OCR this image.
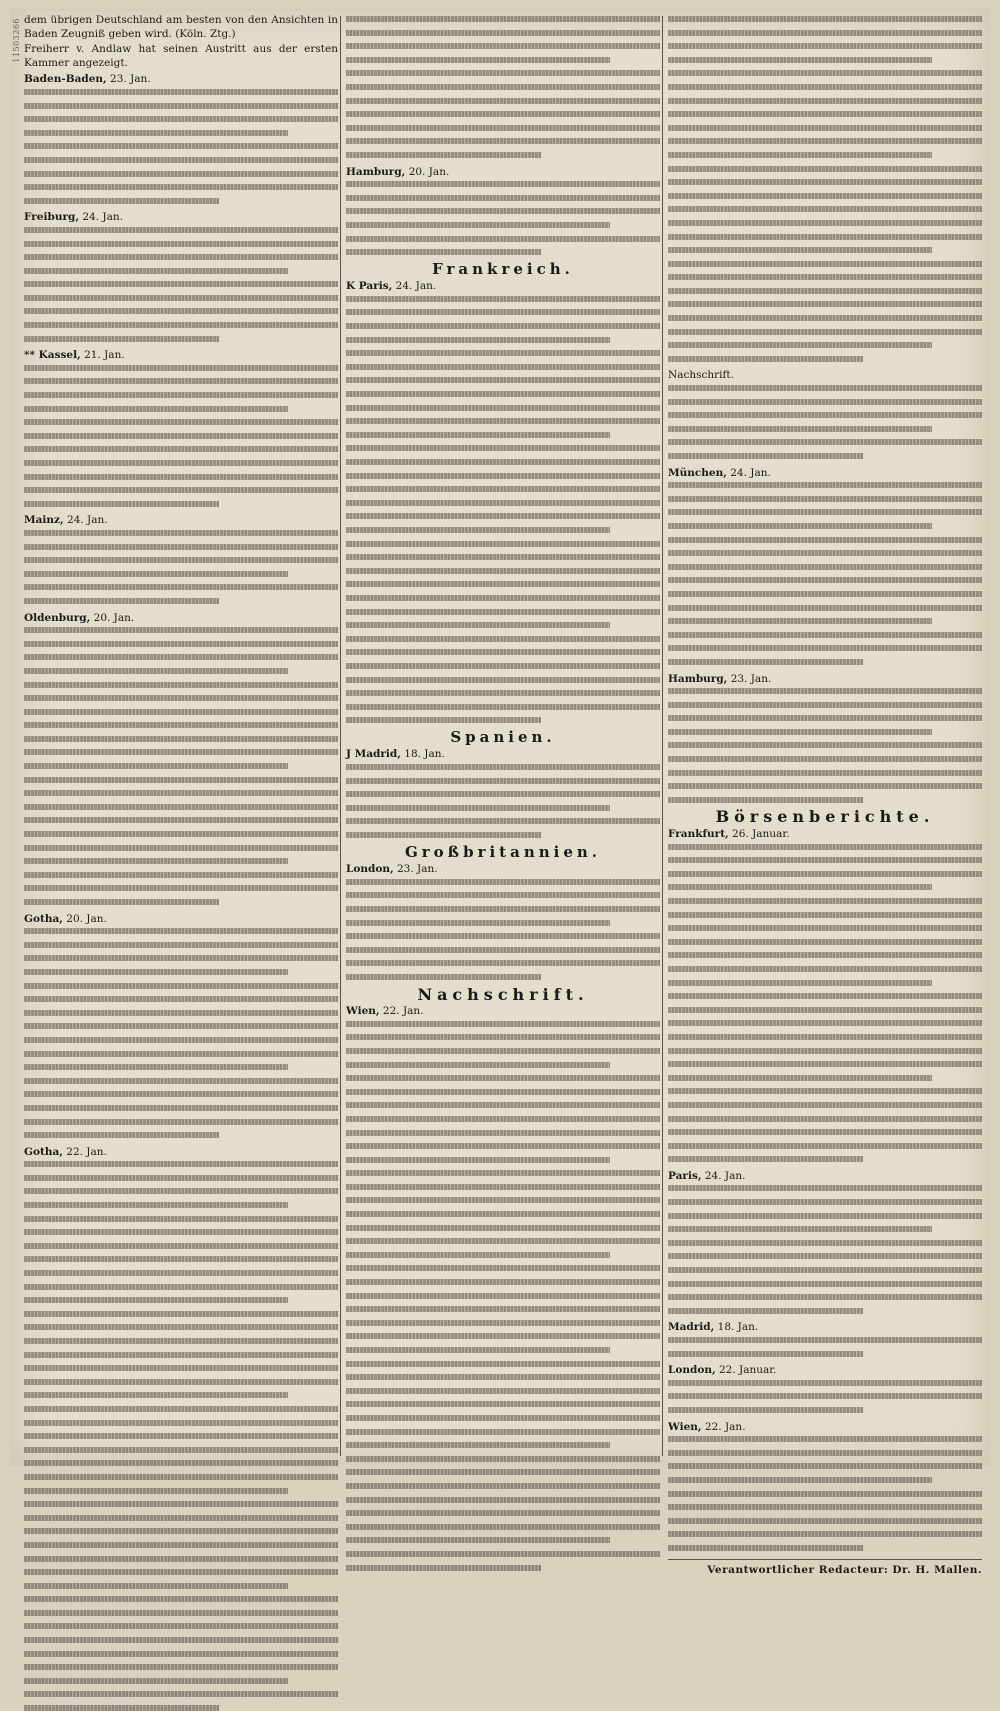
11503266 dem übrigen Deutschland am besten von den Ansichten in Baden Zeugniß geben wird. (Köln. Ztg.)

Freiherr v. Andlaw hat seinen Austritt aus der ersten Kammer angezeigt.

Baden-Baden, 23. Jan.

Freiburg, 24. Jan.

** Kassel, 21. Jan.

Mainz, 24. Jan.

Oldenburg, 20. Jan.

Gotha, 20. Jan.

Gotha, 22. Jan.

Hamburg, 20. Jan.

Frankreich.

K Paris, 24. Jan.

Spanien.

J Madrid, 18. Jan.

Großbritannien.

London, 23. Jan.

Nachschrift.

Wien, 22. Jan.

Nachschrift.

München, 24. Jan.

Hamburg, 23. Jan.

Börsenberichte.

Frankfurt, 26. Januar.

Paris, 24. Jan.

Madrid, 18. Jan.

London, 22. Januar.

Wien, 22. Jan.

Verantwortlicher Redacteur: Dr. H. Mallen.
